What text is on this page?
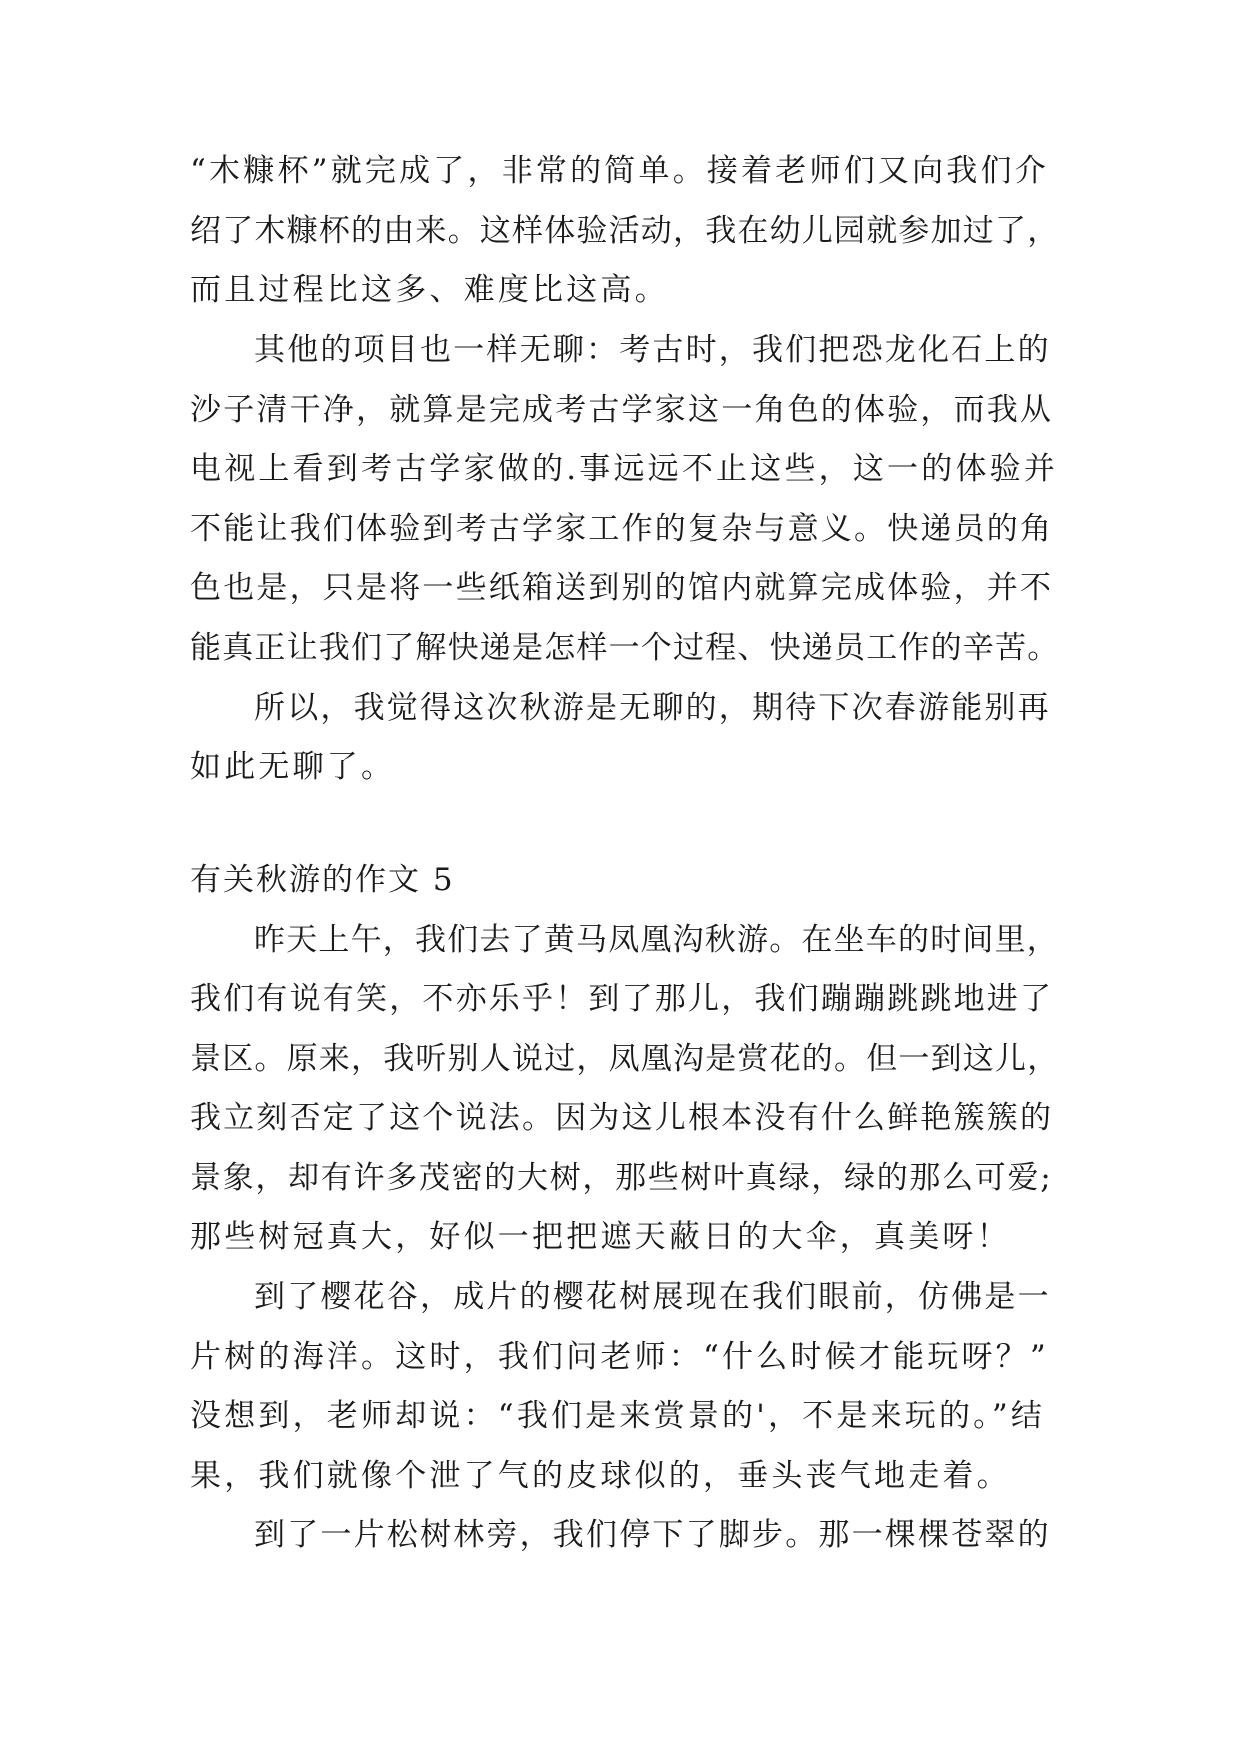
“木糠杯”就完成了，非常的简单。接着老师们又向我们介
绍了木糠杯的由来。这样体验活动，我在幼儿园就参加过了，
而且过程比这多、难度比这高。
其他的项目也一样无聊：考古时，我们把恐龙化石上的
沙子清干净，就算是完成考古学家这一角色的体验，而我从
电视上看到考古学家做的.事远远不止这些，这一的体验并
不能让我们体验到考古学家工作的复杂与意义。快递员的角
色也是，只是将一些纸箱送到别的馆内就算完成体验，并不
能真正让我们了解快递是怎样一个过程、快递员工作的辛苦。
所以，我觉得这次秋游是无聊的，期待下次春游能别再
如此无聊了。
有关秋游的作文 5
昨天上午，我们去了黄马凤凰沟秋游。在坐车的时间里，
我们有说有笑，不亦乐乎！到了那儿，我们蹦蹦跳跳地进了
景区。原来，我听别人说过，凤凰沟是赏花的。但一到这儿，
我立刻否定了这个说法。因为这儿根本没有什么鲜艳簇簇的
景象，却有许多茂密的大树，那些树叶真绿，绿的那么可爱;
那些树冠真大，好似一把把遮天蔽日的大伞，真美呀！
到了樱花谷，成片的樱花树展现在我们眼前，仿佛是一
片树的海洋。这时，我们问老师：“什么时候才能玩呀？”
没想到，老师却说：“我们是来赏景的'，不是来玩的。”结
果，我们就像个泄了气的皮球似的，垂头丧气地走着。
到了一片松树林旁，我们停下了脚步。那一棵棵苍翠的
